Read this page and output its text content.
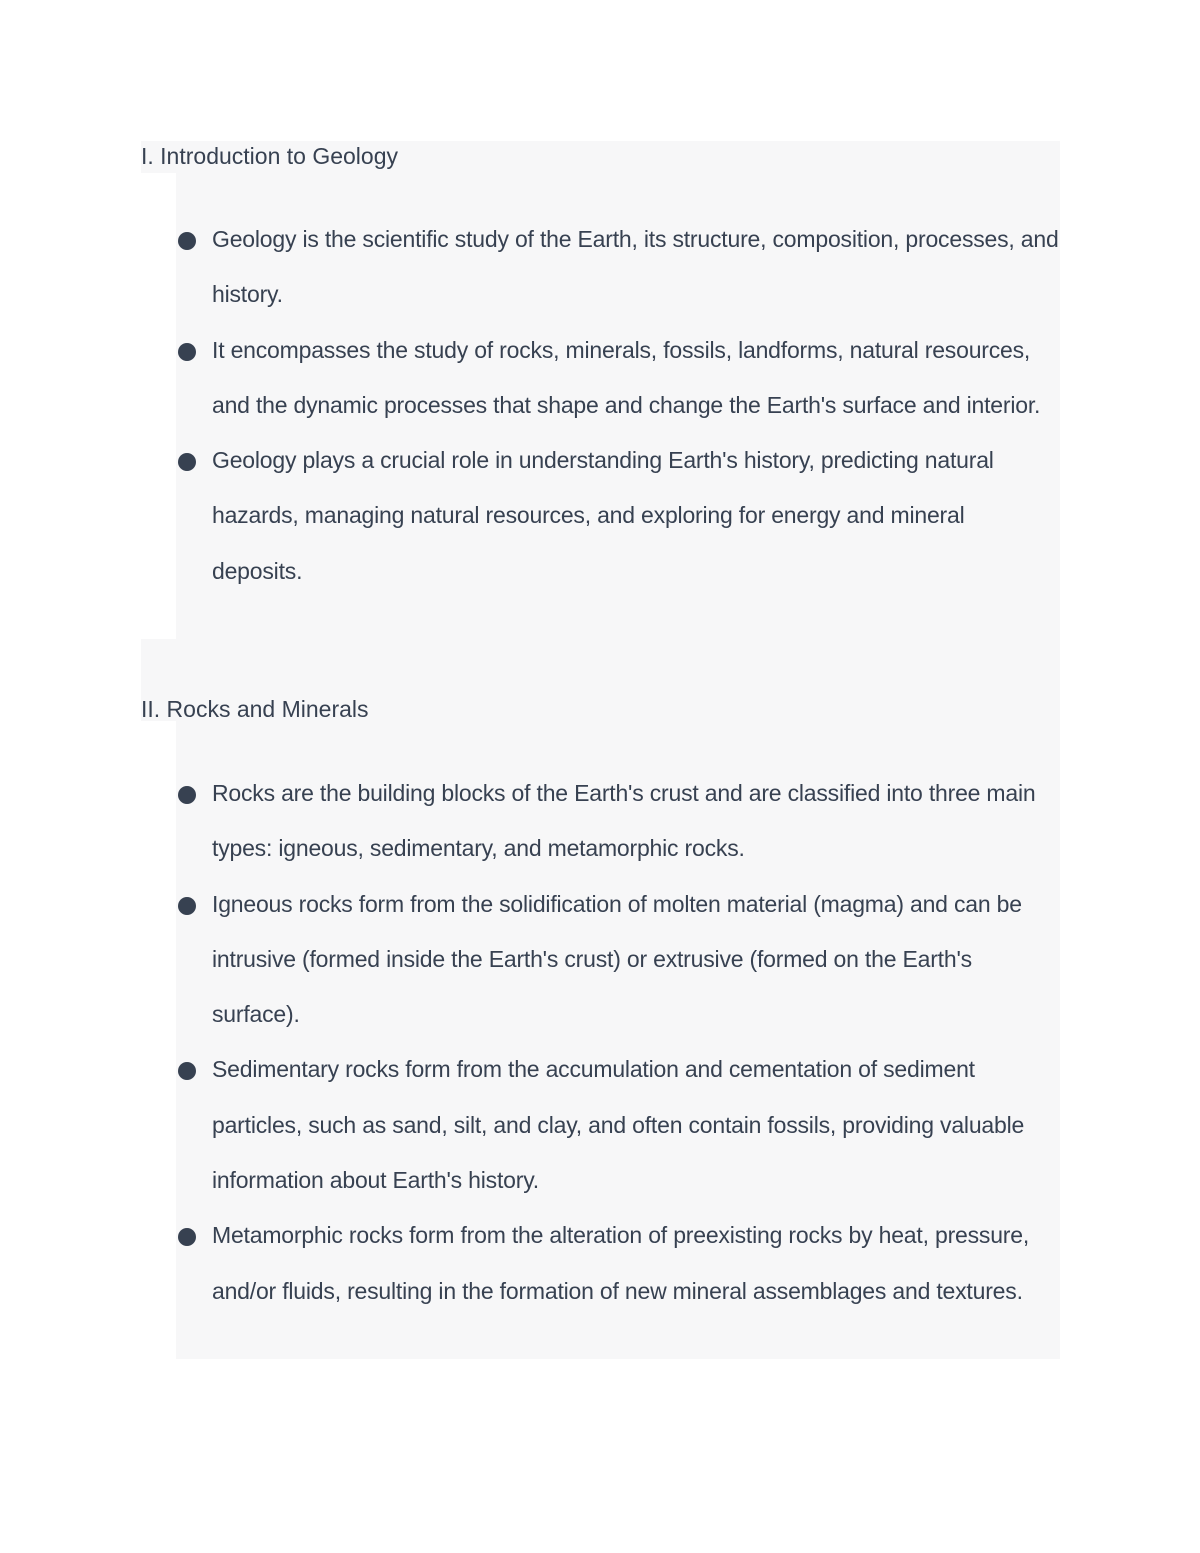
I. Introduction to Geology
Geology is the scientific study of the Earth, its structure, composition, processes, and history.
It encompasses the study of rocks, minerals, fossils, landforms, natural resources, and the dynamic processes that shape and change the Earth's surface and interior.
Geology plays a crucial role in understanding Earth's history, predicting natural hazards, managing natural resources, and exploring for energy and mineral deposits.
II. Rocks and Minerals
Rocks are the building blocks of the Earth's crust and are classified into three main types: igneous, sedimentary, and metamorphic rocks.
Igneous rocks form from the solidification of molten material (magma) and can be intrusive (formed inside the Earth's crust) or extrusive (formed on the Earth's surface).
Sedimentary rocks form from the accumulation and cementation of sediment particles, such as sand, silt, and clay, and often contain fossils, providing valuable information about Earth's history.
Metamorphic rocks form from the alteration of preexisting rocks by heat, pressure, and/or fluids, resulting in the formation of new mineral assemblages and textures.
